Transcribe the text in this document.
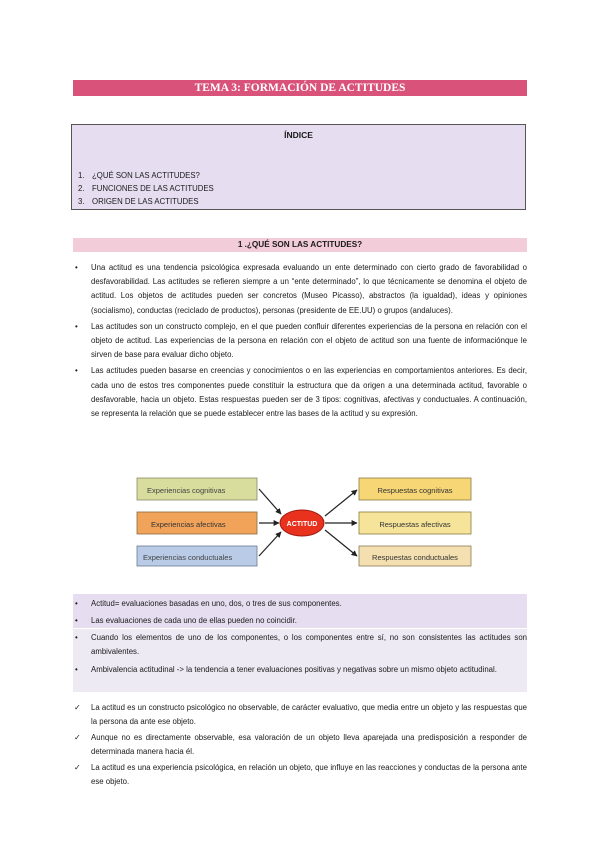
TEMA 3: FORMACIÓN DE ACTITUDES
ÍNDICE
1. ¿QUÉ SON LAS ACTITUDES?
2. FUNCIONES DE LAS ACTITUDES
3. ORIGEN DE LAS ACTITUDES
1 .¿QUÉ SON LAS ACTITUDES?
• Una actitud es una tendencia psicológica expresada evaluando un ente determinado con cierto grado de favorabilidad o desfavorabilidad. Las actitudes se refieren siempre a un “ente determinado”, lo que técnicamente se denomina el objeto de actitud. Los objetos de actitudes pueden ser concretos (Museo Picasso), abstractos (la igualdad), ideas y opiniones (socialismo), conductas (reciclado de productos), personas (presidente de EE.UU) o grupos (andaluces).
• Las actitudes son un constructo complejo, en el que pueden confluir diferentes experiencias de la persona en relación con el objeto de actitud. Las experiencias de la persona en relación con el objeto de actitud son una fuente de informaciónque le sirven de base para evaluar dicho objeto.
• Las actitudes pueden basarse en creencias y conocimientos o en las experiencias en comportamientos anteriores. Es decir, cada uno de estos tres componentes puede constituir la estructura que da origen a una determinada actitud, favorable o desfavorable, hacia un objeto. Estas respuestas pueden ser de 3 tipos: cognitivas, afectivas y conductuales. A continuación, se representa la relación que se puede establecer entre las bases de la actitud y su expresión.
Experiencias cognitivas
Experiencias afectivas
Experiencias conductuales
ACTITUD
Respuestas cognitivas
Respuestas afectivas
Respuestas conductuales
• Actitud= evaluaciones basadas en uno, dos, o tres de sus componentes.
• Las evaluaciones de cada uno de ellas pueden no coincidir.
• Cuando los elementos de uno de los componentes, o los componentes entre sí, no son consistentes las actitudes son ambivalentes.
• Ambivalencia actitudinal -> la tendencia a tener evaluaciones positivas y negativas sobre un mismo objeto actitudinal.
✓ La actitud es un constructo psicológico no observable, de carácter evaluativo, que media entre un objeto y las respuestas que la persona da ante ese objeto.
✓ Aunque no es directamente observable, esa valoración de un objeto lleva aparejada una predisposición a responder de determinada manera hacia él.
✓ La actitud es una experiencia psicológica, en relación un objeto, que influye en las reacciones y conductas de la persona ante ese objeto.
